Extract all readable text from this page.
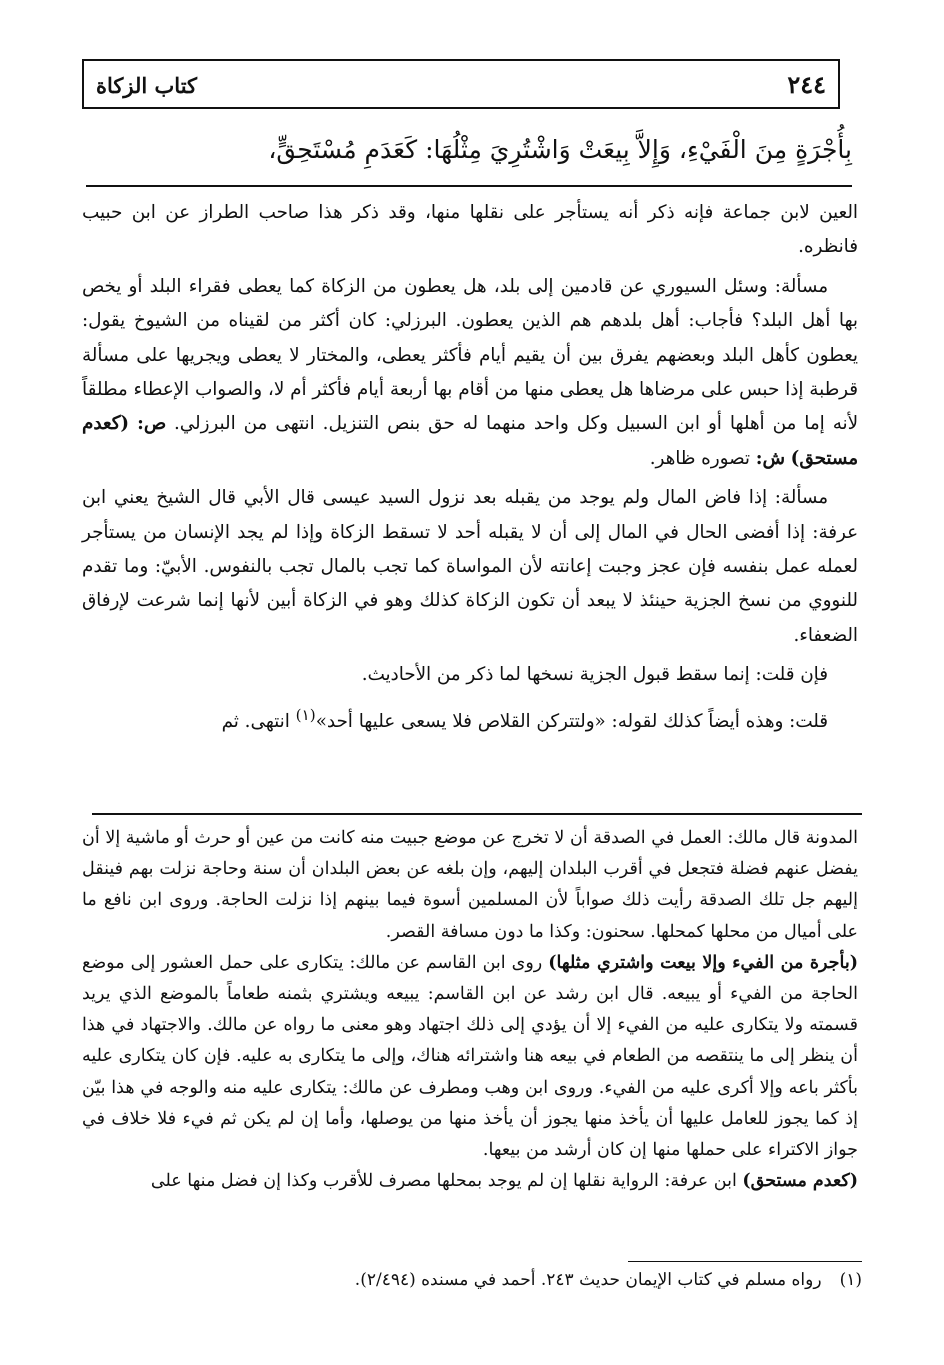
٢٤٤
كتاب الزكاة
بِأُجْرَةٍ مِنَ الْفَيْءِ، وَإِلاَّ بِيعَتْ وَاشْتُرِيَ مِثْلُهَا: كَعَدَمِ مُسْتَحِقٍّ،

العين لابن جماعة فإنه ذكر أنه يستأجر على نقلها منها، وقد ذكر هذا صاحب الطراز عن ابن حبيب فانظره.

مسألة: وسئل السيوري عن قادمين إلى بلد، هل يعطون من الزكاة كما يعطى فقراء البلد أو يخص بها أهل البلد؟ فأجاب: أهل بلدهم هم الذين يعطون. البرزلي: كان أكثر من لقيناه من الشيوخ يقول: يعطون كأهل البلد وبعضهم يفرق بين أن يقيم أيام فأكثر يعطى، والمختار لا يعطى ويجريها على مسألة قرطبة إذا حبس على مرضاها هل يعطى منها من أقام بها أربعة أيام فأكثر أم لا، والصواب الإعطاء مطلقاً لأنه إما من أهلها أو ابن السبيل وكل واحد منهما له حق بنص التنزيل. انتهى من البرزلي. ص: (كعدم مستحق) ش: تصوره ظاهر.

مسألة: إذا فاض المال ولم يوجد من يقبله بعد نزول السيد عيسى قال الأبي قال الشيخ يعني ابن عرفة: إذا أفضى الحال في المال إلى أن لا يقبله أحد لا تسقط الزكاة وإذا لم يجد الإنسان من يستأجر لعمله عمل بنفسه فإن عجز وجبت إعانته لأن المواساة كما تجب بالمال تجب بالنفوس. الأبيّ: وما تقدم للنووي من نسخ الجزية حينئذ لا يبعد أن تكون الزكاة كذلك وهو في الزكاة أبين لأنها إنما شرعت لإرفاق الضعفاء.

فإن قلت: إنما سقط قبول الجزية نسخها لما ذكر من الأحاديث.

قلت: وهذه أيضاً كذلك لقوله: «ولتتركن القلاص فلا يسعى عليها أحد»$^{(١)}$ انتهى. ثم

المدونة قال مالك: العمل في الصدقة أن لا تخرج عن موضع جبيت منه كانت من عين أو حرث أو ماشية إلا أن يفضل عنهم فضلة فتجعل في أقرب البلدان إليهم، وإن بلغه عن بعض البلدان أن سنة وحاجة نزلت بهم فينقل إليهم جل تلك الصدقة رأيت ذلك صواباً لأن المسلمين أسوة فيما بينهم إذا نزلت الحاجة. وروى ابن نافع ما على أميال من محلها كمحلها. سحنون: وكذا ما دون مسافة القصر.

(بأجرة من الفيء وإلا بيعت واشتري مثلها) روى ابن القاسم عن مالك: يتكارى على حمل العشور إلى موضع الحاجة من الفيء أو يبيعه. قال ابن رشد عن ابن القاسم: يبيعه ويشتري بثمنه طعاماً بالموضع الذي يريد قسمته ولا يتكارى عليه من الفيء إلا أن يؤدي إلى ذلك اجتهاد وهو معنى ما رواه عن مالك. والاجتهاد في هذا أن ينظر إلى ما ينتقصه من الطعام في بيعه هنا واشترائه هناك، وإلى ما يتكارى به عليه. فإن كان يتكارى عليه بأكثر باعه وإلا أكرى عليه من الفيء. وروى ابن وهب ومطرف عن مالك: يتكارى عليه منه والوجه في هذا بيّن إذ كما يجوز للعامل عليها أن يأخذ منها يجوز أن يأخذ منها من يوصلها، وأما إن لم يكن ثم فيء فلا خلاف في جواز الاكتراء على حملها منها إن كان أرشد من بيعها.

(كعدم مستحق) ابن عرفة: الرواية نقلها إن لم يوجد بمحلها مصرف للأقرب وكذا إن فضل منها على

(١)رواه مسلم في كتاب الإيمان حديث ٢٤٣. أحمد في مسنده (٢/٤٩٤).
